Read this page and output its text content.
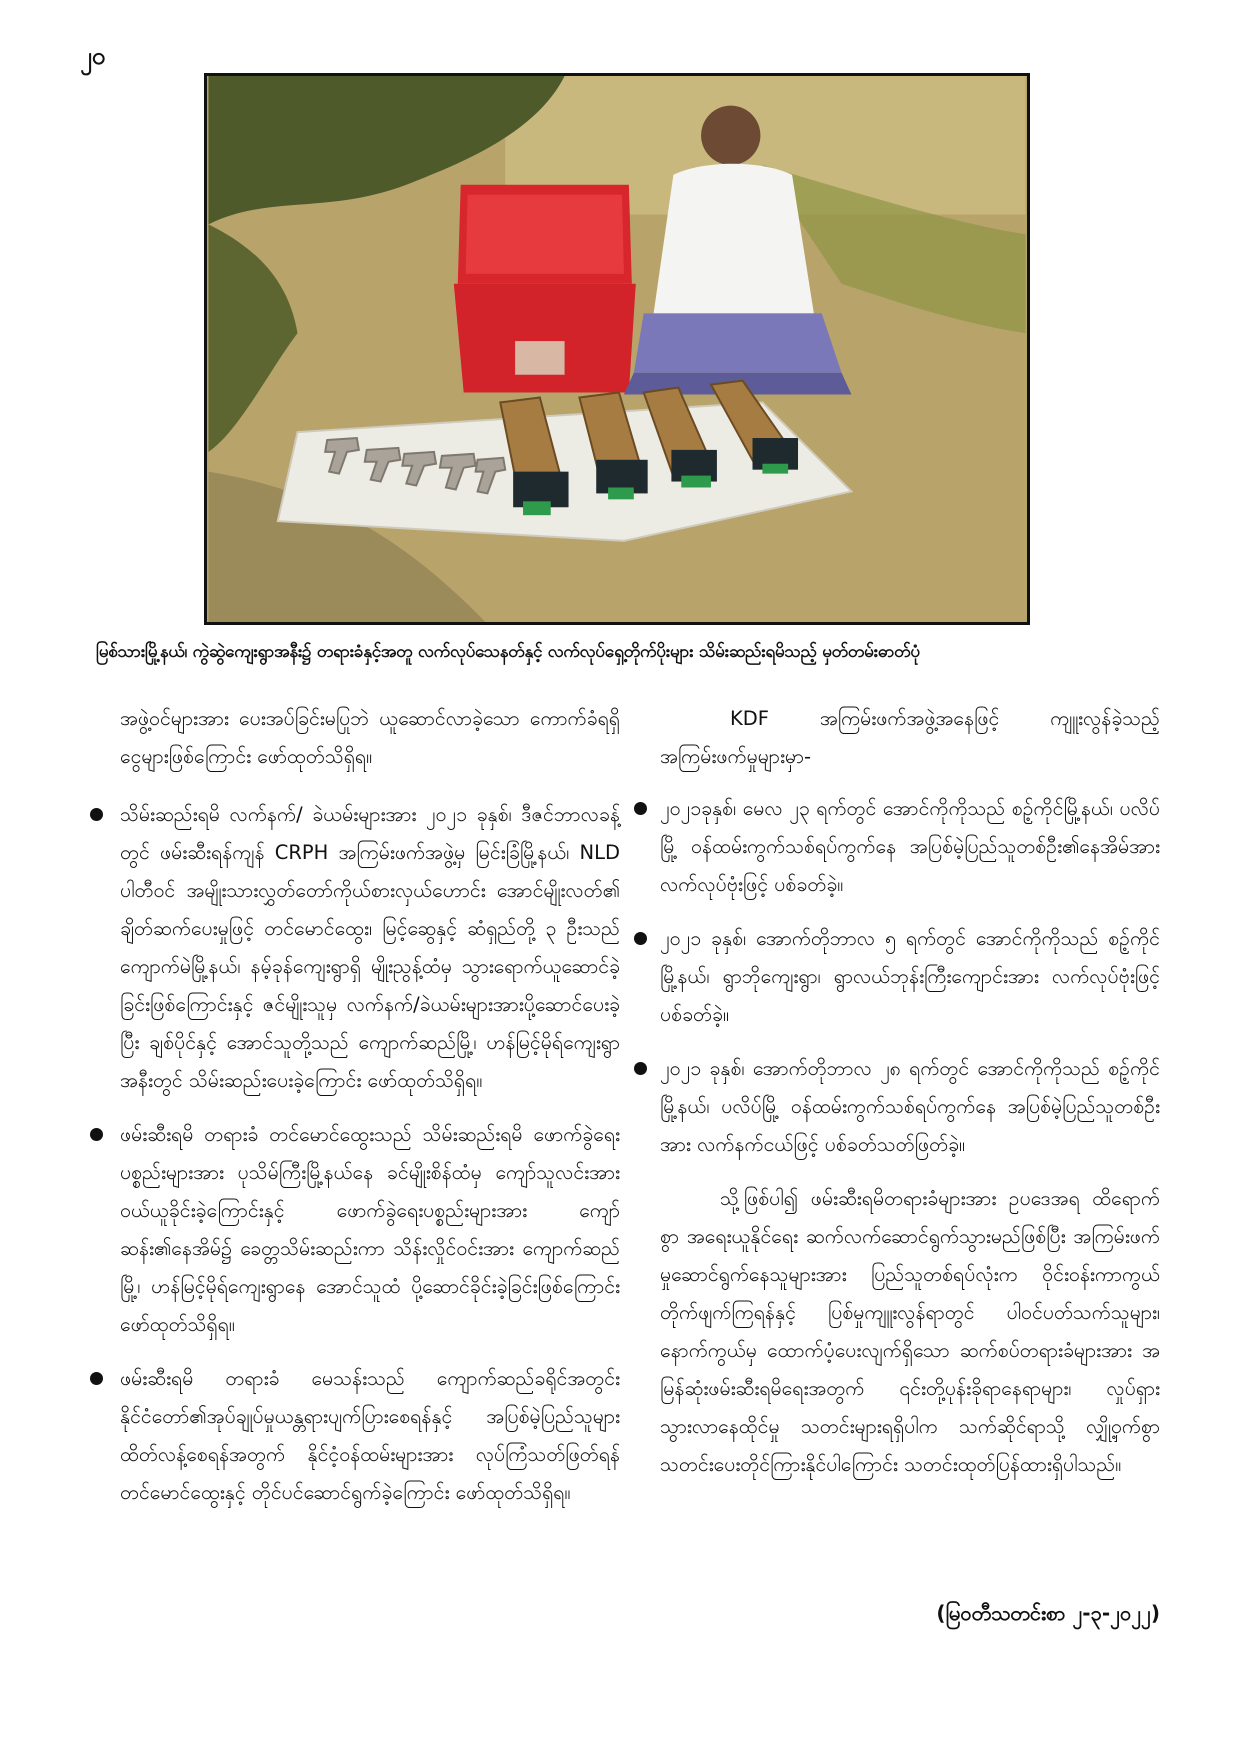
၂၀
မြစ်သားမြို့နယ်၊ ကွဲဆွဲကျေးရွာအနီး၌ တရားခံနှင့်အတူ လက်လုပ်သေနတ်နှင့် လက်လုပ်ရှေ့တိုက်ပိုးများ သိမ်းဆည်းရမိသည့် မှတ်တမ်းဓာတ်ပုံ

အဖွဲ့ဝင်များအား ပေးအပ်ခြင်းမပြုဘဲ ယူဆောင်လာခဲ့သော ကောက်ခံရရှိငွေများဖြစ်ကြောင်း ဖော်ထုတ်သိရှိရ။

သိမ်းဆည်းရမိ လက်နက်/ ခဲယမ်းများအား ၂၀၂၁ ခုနှစ်၊ ဒီဇင်ဘာလခန့်တွင် ဖမ်းဆီးရန်ကျန် CRPH အကြမ်းဖက်အဖွဲ့မှ မြင်းခြံမြို့နယ်၊ NLD ပါတီဝင် အမျိုးသားလွှတ်တော်ကိုယ်စားလှယ်ဟောင်း အောင်မျိုးလတ်၏ ချိတ်ဆက်ပေးမှုဖြင့် တင်မောင်ထွေး၊ မြင့်ဆွေနှင့် ဆံရှည်တို့ ၃ ဦးသည် ကျောက်မဲမြို့နယ်၊ နမ့်ခုန်ကျေးရွာရှိ မျိုးညွန့်ထံမှ သွားရောက်ယူဆောင်ခဲ့ခြင်းဖြစ်ကြောင်းနှင့် ဇင်မျိုးသူမှ လက်နက်/ခဲယမ်းများအားပို့ဆောင်ပေးခဲ့ပြီး ချစ်ပိုင်နှင့် အောင်သူတို့သည် ကျောက်ဆည်မြို့၊ ဟန်မြင့်မိုရ်ကျေးရွာအနီးတွင် သိမ်းဆည်းပေးခဲ့ကြောင်း ဖော်ထုတ်သိရှိရ။
ဖမ်းဆီးရမိ တရားခံ တင်မောင်ထွေးသည် သိမ်းဆည်းရမိ ဖောက်ခွဲရေးပစ္စည်းများအား ပုသိမ်ကြီးမြို့နယ်နေ ခင်မျိုးစိန်ထံမှ ကျော်သူလင်းအား ဝယ်ယူခိုင်းခဲ့ကြောင်းနှင့် ဖောက်ခွဲရေးပစ္စည်းများအား ကျော်ဆန်း၏နေအိမ်၌ ခေတ္တသိမ်းဆည်းကာ သိန်းလှိုင်ဝင်းအား ကျောက်ဆည်မြို့၊ ဟန်မြင့်မိုရ်ကျေးရွာနေ အောင်သူထံ ပို့ဆောင်ခိုင်းခဲ့ခြင်းဖြစ်ကြောင်း ဖော်ထုတ်သိရှိရ။
ဖမ်းဆီးရမိ တရားခံ မေသန်းသည် ကျောက်ဆည်ခရိုင်အတွင်း နိုင်ငံတော်၏အုပ်ချုပ်မှုယန္တရားပျက်ပြားစေရန်နှင့် အပြစ်မဲ့ပြည်သူများ ထိတ်လန့်စေရန်အတွက် နိုင်ငံ့ဝန်ထမ်းများအား လုပ်ကြံသတ်ဖြတ်ရန် တင်မောင်ထွေးနှင့် တိုင်ပင်ဆောင်ရွက်ခဲ့ကြောင်း ဖော်ထုတ်သိရှိရ။

KDF အကြမ်းဖက်အဖွဲ့အနေဖြင့် ကျူးလွန်ခဲ့သည့် အကြမ်းဖက်မှုများမှာ-

၂၀၂၁ခုနှစ်၊ မေလ ၂၃ ရက်တွင် အောင်ကိုကိုသည် စဉ့်ကိုင်မြို့နယ်၊ ပလိပ်မြို့ ဝန်ထမ်းကွက်သစ်ရပ်ကွက်နေ အပြစ်မဲ့ပြည်သူတစ်ဦး၏နေအိမ်အား လက်လုပ်ဗုံးဖြင့် ပစ်ခတ်ခဲ့။
၂၀၂၁ ခုနှစ်၊ အောက်တိုဘာလ ၅ ရက်တွင် အောင်ကိုကိုသည် စဉ့်ကိုင်မြို့နယ်၊ ရွာဘိုကျေးရွာ၊ ရွာလယ်ဘုန်းကြီးကျောင်းအား လက်လုပ်ဗုံးဖြင့် ပစ်ခတ်ခဲ့။
၂၀၂၁ ခုနှစ်၊ အောက်တိုဘာလ ၂၈ ရက်တွင် အောင်ကိုကိုသည် စဉ့်ကိုင်မြို့နယ်၊ ပလိပ်မြို့ ဝန်ထမ်းကွက်သစ်ရပ်ကွက်နေ အပြစ်မဲ့ပြည်သူတစ်ဦးအား လက်နက်ငယ်ဖြင့် ပစ်ခတ်သတ်ဖြတ်ခဲ့။

သို့ဖြစ်ပါ၍ ဖမ်းဆီးရမိတရားခံများအား ဥပဒေအရ ထိရောက်စွာ အရေးယူနိုင်ရေး ဆက်လက်ဆောင်ရွက်သွားမည်ဖြစ်ပြီး အကြမ်းဖက်မှုဆောင်ရွက်နေသူများအား ပြည်သူတစ်ရပ်လုံးက ဝိုင်းဝန်းကာကွယ်တိုက်ဖျက်ကြရန်နှင့် ပြစ်မှုကျူးလွန်ရာတွင် ပါဝင်ပတ်သက်သူများ၊ နောက်ကွယ်မှ ထောက်ပံ့ပေးလျက်ရှိသော ဆက်စပ်တရားခံများအား အမြန်ဆုံးဖမ်းဆီးရမိရေးအတွက် ၎င်းတို့ပုန်းခိုရာနေရာများ၊ လှုပ်ရှားသွားလာနေထိုင်မှု သတင်းများရရှိပါက သက်ဆိုင်ရာသို့ လျှို့ဝှက်စွာ သတင်းပေးတိုင်ကြားနိုင်ပါကြောင်း သတင်းထုတ်ပြန်ထားရှိပါသည်။

(မြဝတီသတင်းစာ ၂-၃-၂၀၂၂)
